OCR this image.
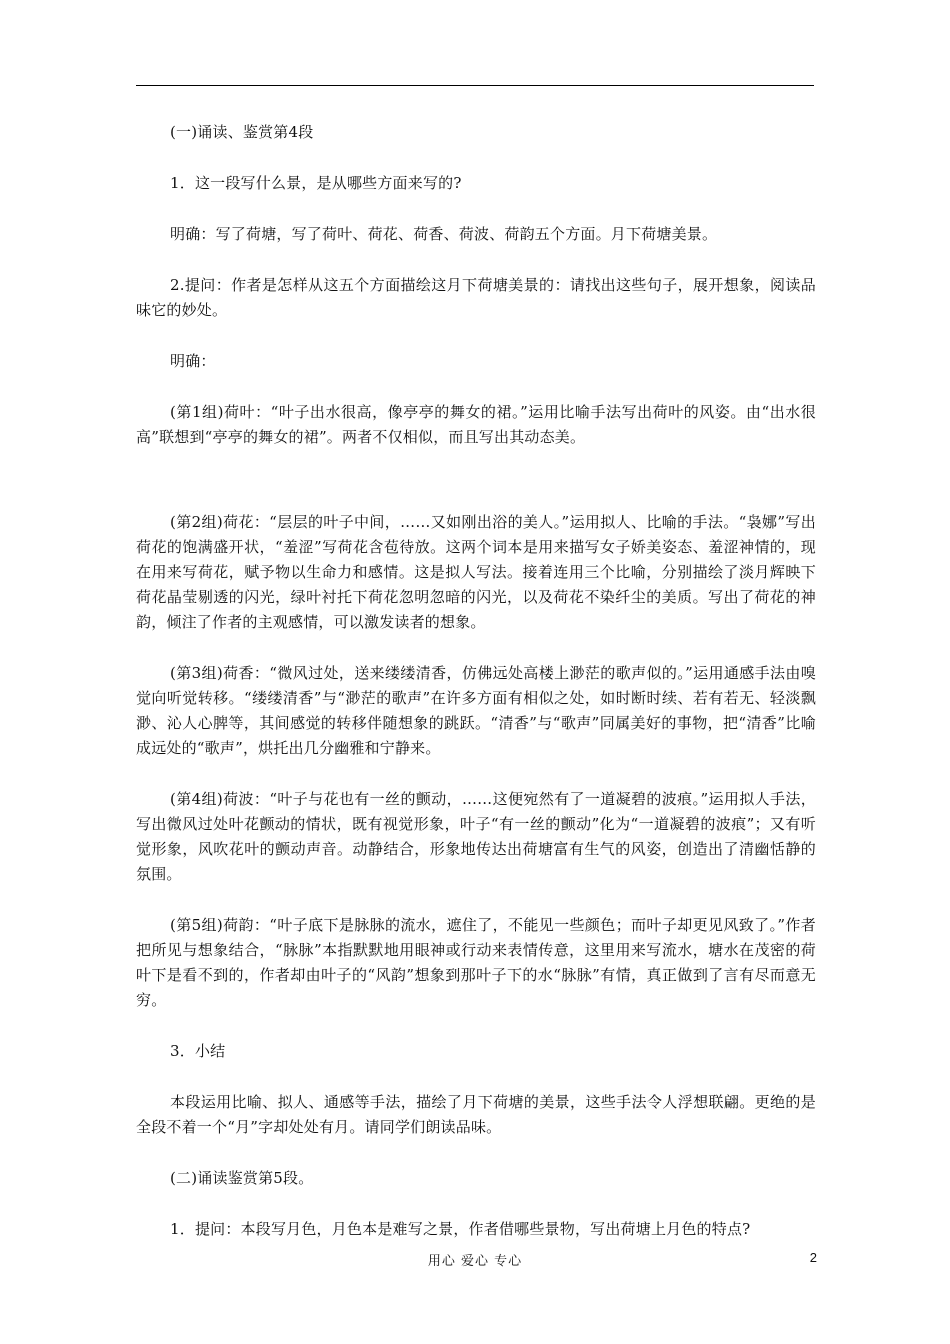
(一)诵读、鉴赏第4段

1．这一段写什么景，是从哪些方面来写的?

明确：写了荷塘，写了荷叶、荷花、荷香、荷波、荷韵五个方面。月下荷塘美景。

2.提问：作者是怎样从这五个方面描绘这月下荷塘美景的：请找出这些句子，展开想象，阅读品味它的妙处。

明确：

(第1组)荷叶：“叶子出水很高，像亭亭的舞女的裙。”运用比喻手法写出荷叶的风姿。由“出水很高”联想到“亭亭的舞女的裙”。两者不仅相似，而且写出其动态美。

(第2组)荷花：“层层的叶子中间，……又如刚出浴的美人。”运用拟人、比喻的手法。“袅娜”写出荷花的饱满盛开状，“羞涩”写荷花含苞待放。这两个词本是用来描写女子娇美姿态、羞涩神情的，现在用来写荷花，赋予物以生命力和感情。这是拟人写法。接着连用三个比喻，分别描绘了淡月辉映下荷花晶莹剔透的闪光，绿叶衬托下荷花忽明忽暗的闪光，以及荷花不染纤尘的美质。写出了荷花的神韵，倾注了作者的主观感情，可以激发读者的想象。

(第3组)荷香：“微风过处，送来缕缕清香，仿佛远处高楼上渺茫的歌声似的。”运用通感手法由嗅觉向听觉转移。“缕缕清香”与“渺茫的歌声”在许多方面有相似之处，如时断时续、若有若无、轻淡飘渺、沁人心脾等，其间感觉的转移伴随想象的跳跃。“清香”与“歌声”同属美好的事物，把“清香”比喻成远处的“歌声”，烘托出几分幽雅和宁静来。

(第4组)荷波：“叶子与花也有一丝的颤动，……这便宛然有了一道凝碧的波痕。”运用拟人手法，写出微风过处叶花颤动的情状，既有视觉形象，叶子“有一丝的颤动”化为“一道凝碧的波痕”；又有听觉形象，风吹花叶的颤动声音。动静结合，形象地传达出荷塘富有生气的风姿，创造出了清幽恬静的氛围。

(第5组)荷韵：“叶子底下是脉脉的流水，遮住了，不能见一些颜色；而叶子却更见风致了。”作者把所见与想象结合，“脉脉”本指默默地用眼神或行动来表情传意，这里用来写流水，塘水在茂密的荷叶下是看不到的，作者却由叶子的“风韵”想象到那叶子下的水“脉脉”有情，真正做到了言有尽而意无穷。

3．小结

本段运用比喻、拟人、通感等手法，描绘了月下荷塘的美景，这些手法令人浮想联翩。更绝的是全段不着一个“月”字却处处有月。请同学们朗读品味。

(二)诵读鉴赏第5段。

1．提问：本段写月色，月色本是难写之景，作者借哪些景物，写出荷塘上月色的特点?

用心 爱心 专心	2
